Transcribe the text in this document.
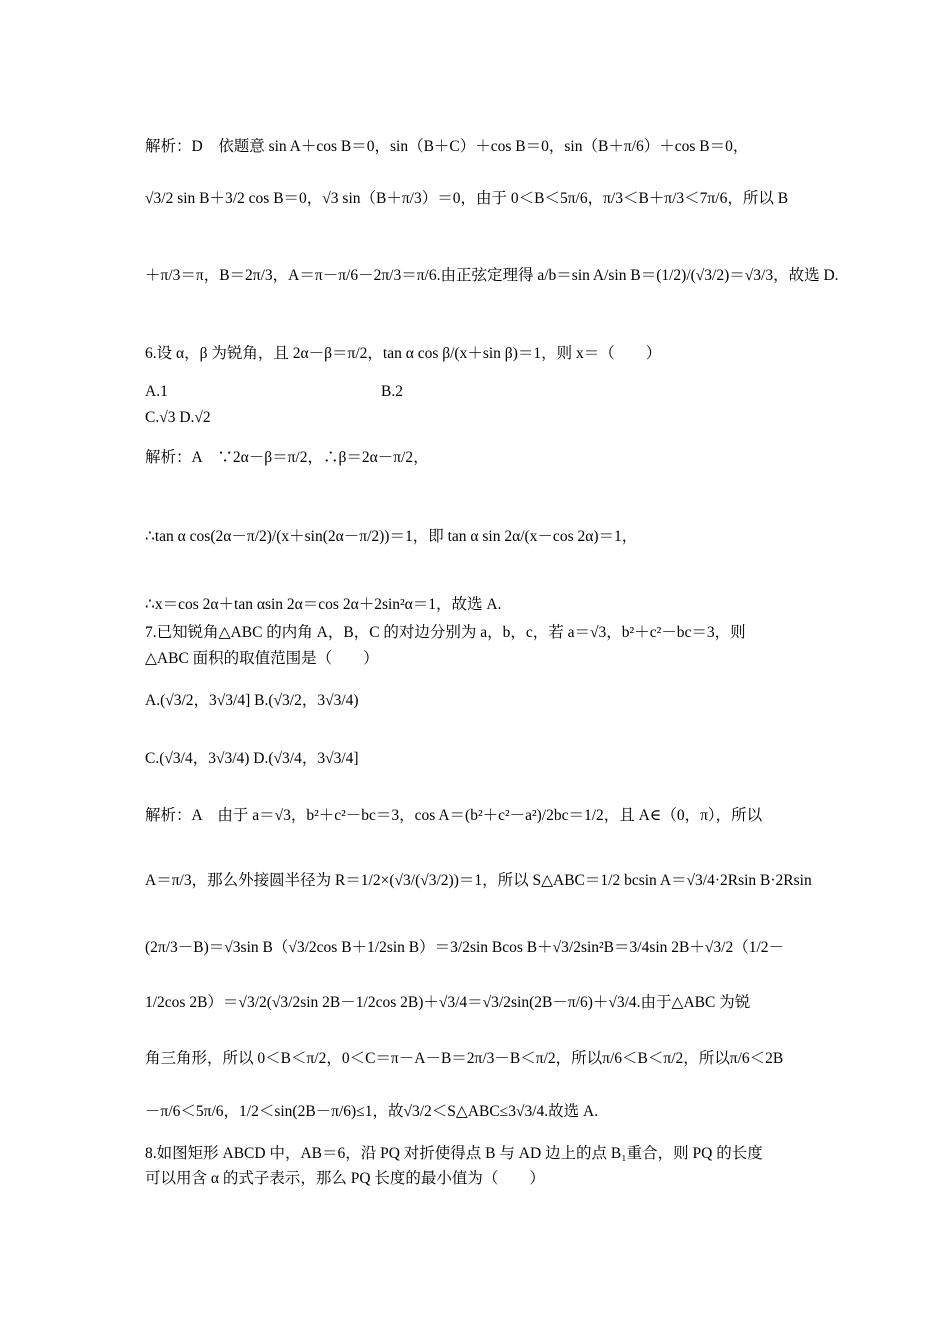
解析：D　依题意 sin A＋cos B＝0，sin（B＋C）＋cos B＝0，sin（B＋π/6）＋cos B＝0，
√3/2 sin B＋3/2 cos B＝0，√3 sin（B＋π/3）＝0，由于 0＜B＜5π/6，π/3＜B＋π/3＜7π/6，所以 B
＋π/3＝π，B＝2π/3，A＝π－π/6－2π/3＝π/6.由正弦定理得 a/b＝sin A/sin B＝(1/2)/(√3/2)＝√3/3，故选 D.
6.设 α，β 为锐角，且 2α－β＝π/2，tan α cos β/(x＋sin β)＝1，则 x＝（　　）
A.1	B.2
C.√3 D.√2
解析：A　∵2α－β＝π/2，∴β＝2α－π/2，
∴tan α cos(2α－π/2)/(x＋sin(2α－π/2))＝1，即 tan α sin 2α/(x－cos 2α)＝1，
∴x＝cos 2α＋tan αsin 2α＝cos 2α＋2sin²α＝1，故选 A.
7.已知锐角△ABC 的内角 A，B，C 的对边分别为 a，b，c，若 a＝√3，b²＋c²－bc＝3，则
△ABC 面积的取值范围是（　　）
A.(√3/2，3√3/4] B.(√3/2，3√3/4)
C.(√3/4，3√3/4) D.(√3/4，3√3/4]
解析：A　由于 a＝√3，b²＋c²－bc＝3，cos A＝(b²＋c²－a²)/2bc＝1/2，且 A∈（0，π），所以
A＝π/3，那么外接圆半径为 R＝1/2×(√3/(√3/2))＝1，所以 S△ABC＝1/2 bcsin A＝√3/4·2Rsin B·2Rsin
(2π/3－B)＝√3sin B（√3/2cos B＋1/2sin B）＝3/2sin Bcos B＋√3/2sin²B＝3/4sin 2B＋√3/2（1/2－
1/2cos 2B）＝√3/2(√3/2sin 2B－1/2cos 2B)＋√3/4＝√3/2sin(2B－π/6)＋√3/4.由于△ABC 为锐
角三角形，所以 0＜B＜π/2，0＜C＝π－A－B＝2π/3－B＜π/2，所以π/6＜B＜π/2，所以π/6＜2B
－π/6＜5π/6，1/2＜sin(2B－π/6)≤1，故√3/2＜S△ABC≤3√3/4.故选 A.
8.如图矩形 ABCD 中，AB＝6，沿 PQ 对折使得点 B 与 AD 边上的点 B₁重合，则 PQ 的长度
可以用含 α 的式子表示，那么 PQ 长度的最小值为（　　）
